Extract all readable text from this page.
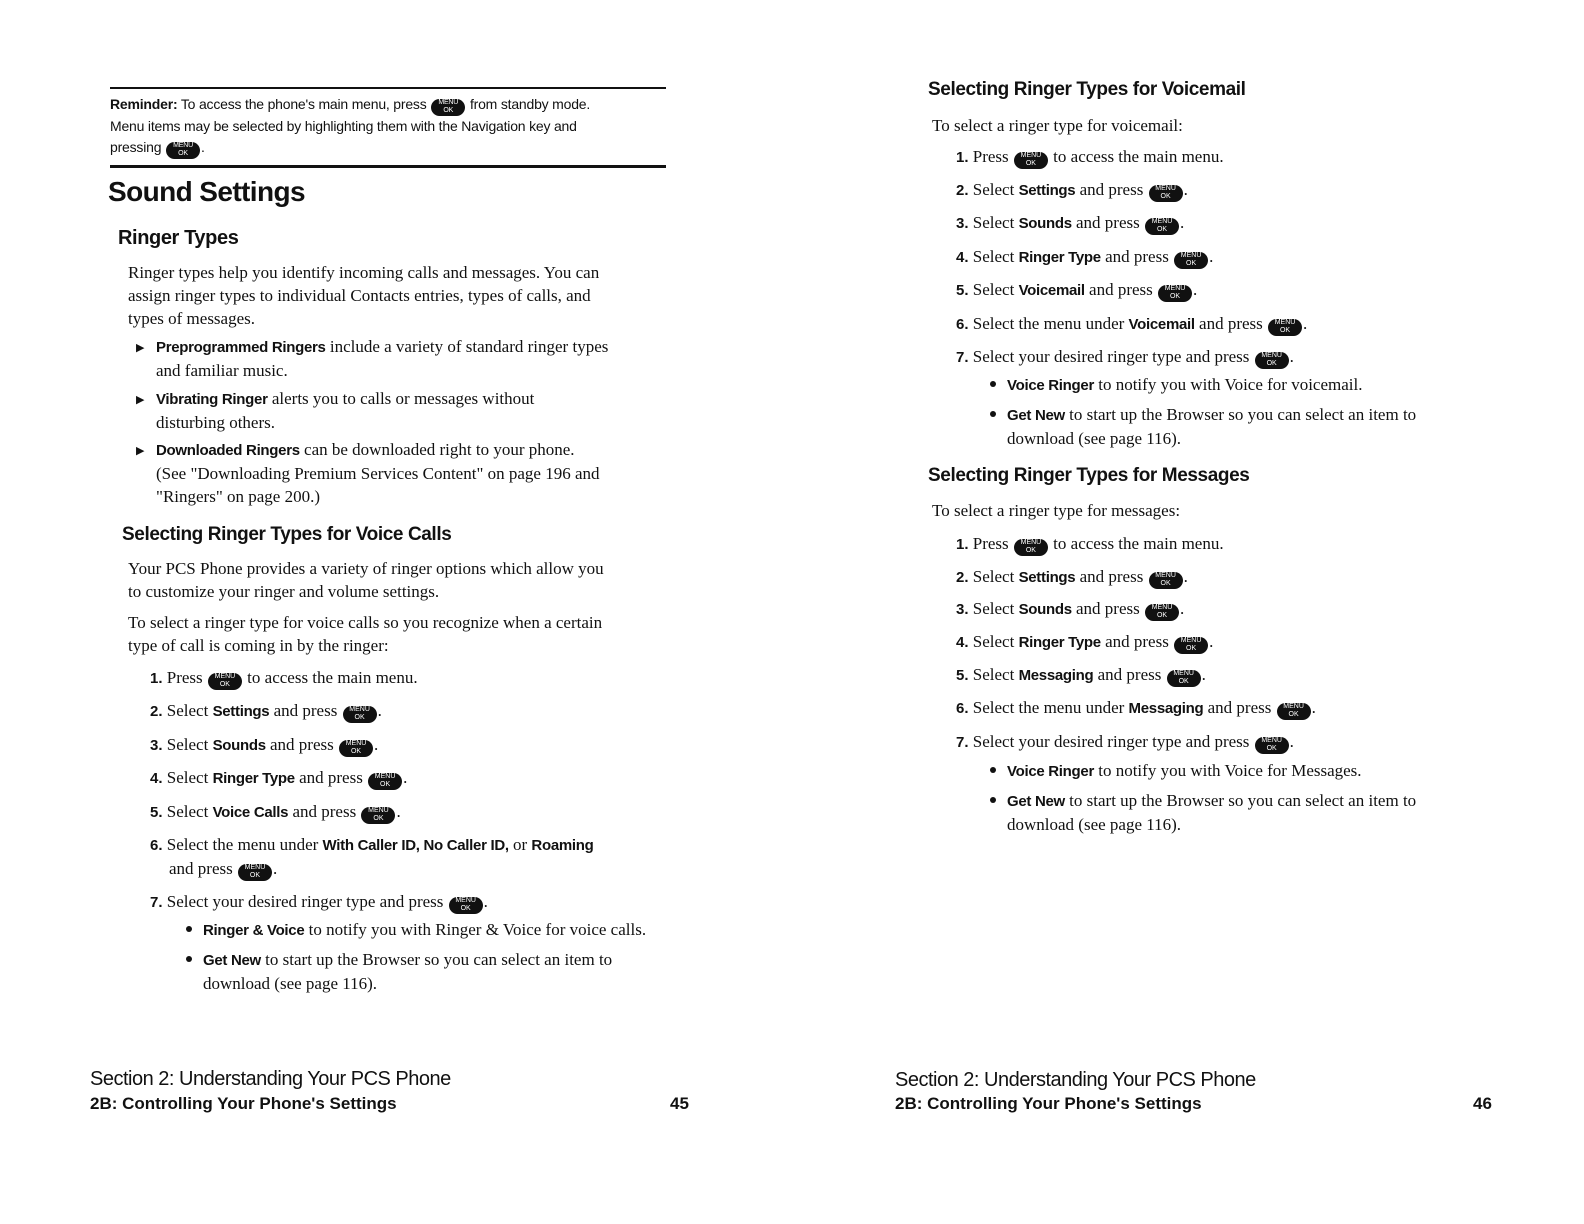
Reminder: To access the phone's main menu, press	MENU
OK	from standby mode.
Menu items may be selected by highlighting them with the Navigation key and
pressing	MENU
OK .
Sound Settings
Ringer Types
Ringer types help you identify incoming calls and messages. You can
assign ringer types to individual Contacts entries, types of calls, and
types of messages.
▶ Preprogrammed Ringers include a variety of standard ringer types
and familiar music.
▶ Vibrating Ringer alerts you to calls or messages without
disturbing others.
▶ Downloaded Ringers can be downloaded right to your phone.
(See "Downloading Premium Services Content" on page 196 and
"Ringers" on page 200.)
Selecting Ringer Types for Voice Calls
Your PCS Phone provides a variety of ringer options which allow you
to customize your ringer and volume settings.
To select a ringer type for voice calls so you recognize when a certain
type of call is coming in by the ringer:
1. Press	MENU
OK	to access the main menu.
2. Select Settings and press	MENU
OK .
3. Select Sounds and press	MENU
OK .
4. Select Ringer Type and press	MENU
OK .
5. Select Voice Calls and press	MENU
OK .
6. Select the menu under With Caller ID, No Caller ID, or Roaming
and press	MENU
OK .
7. Select your desired ringer type and press	MENU
OK .
Ringer & Voice to notify you with Ringer & Voice for voice calls.
Get New to start up the Browser so you can select an item to
download (see page 116).
Section 2: Understanding Your PCS Phone
2B: Controlling Your Phone's Settings	45
Selecting Ringer Types for Voicemail
To select a ringer type for voicemail:
1. Press	MENU
OK	to access the main menu.
2. Select Settings and press	MENU
OK .
3. Select Sounds and press	MENU
OK .
4. Select Ringer Type and press	MENU
OK .
5. Select Voicemail and press	MENU
OK .
6. Select the menu under Voicemail and press	MENU
OK .
7. Select your desired ringer type and press	MENU
OK .
Voice Ringer to notify you with Voice for voicemail.
Get New to start up the Browser so you can select an item to
download (see page 116).
Selecting Ringer Types for Messages
To select a ringer type for messages:
1. Press	MENU
OK	to access the main menu.
2. Select Settings and press	MENU
OK .
3. Select Sounds and press	MENU
OK .
4. Select Ringer Type and press	MENU
OK .
5. Select Messaging and press	MENU
OK .
6. Select the menu under Messaging and press	MENU
OK .
7. Select your desired ringer type and press	MENU
OK .
Voice Ringer to notify you with Voice for Messages.
Get New to start up the Browser so you can select an item to
download (see page 116).
Section 2: Understanding Your PCS Phone
2B: Controlling Your Phone's Settings	46
